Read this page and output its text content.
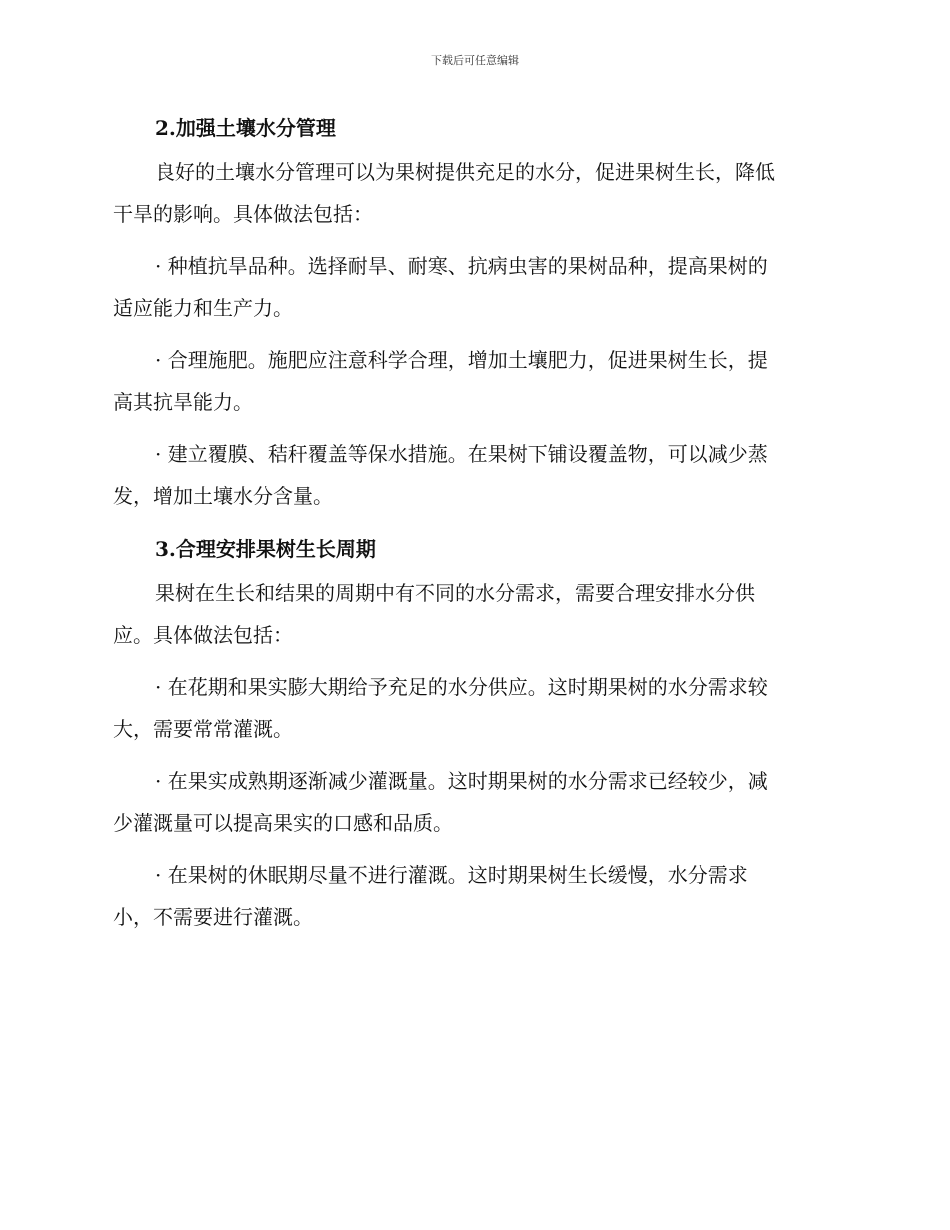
下载后可任意编辑
2.加强土壤水分管理
良好的土壤水分管理可以为果树提供充足的水分，促进果树生长，降低
干旱的影响。具体做法包括：
· 种植抗旱品种。选择耐旱、耐寒、抗病虫害的果树品种，提高果树的
适应能力和生产力。
· 合理施肥。施肥应注意科学合理，增加土壤肥力，促进果树生长，提
高其抗旱能力。
· 建立覆膜、秸秆覆盖等保水措施。在果树下铺设覆盖物，可以减少蒸
发，增加土壤水分含量。
3.合理安排果树生长周期
果树在生长和结果的周期中有不同的水分需求，需要合理安排水分供
应。具体做法包括：
· 在花期和果实膨大期给予充足的水分供应。这时期果树的水分需求较
大，需要常常灌溉。
· 在果实成熟期逐渐减少灌溉量。这时期果树的水分需求已经较少，减
少灌溉量可以提高果实的口感和品质。
· 在果树的休眠期尽量不进行灌溉。这时期果树生长缓慢，水分需求
小，不需要进行灌溉。
